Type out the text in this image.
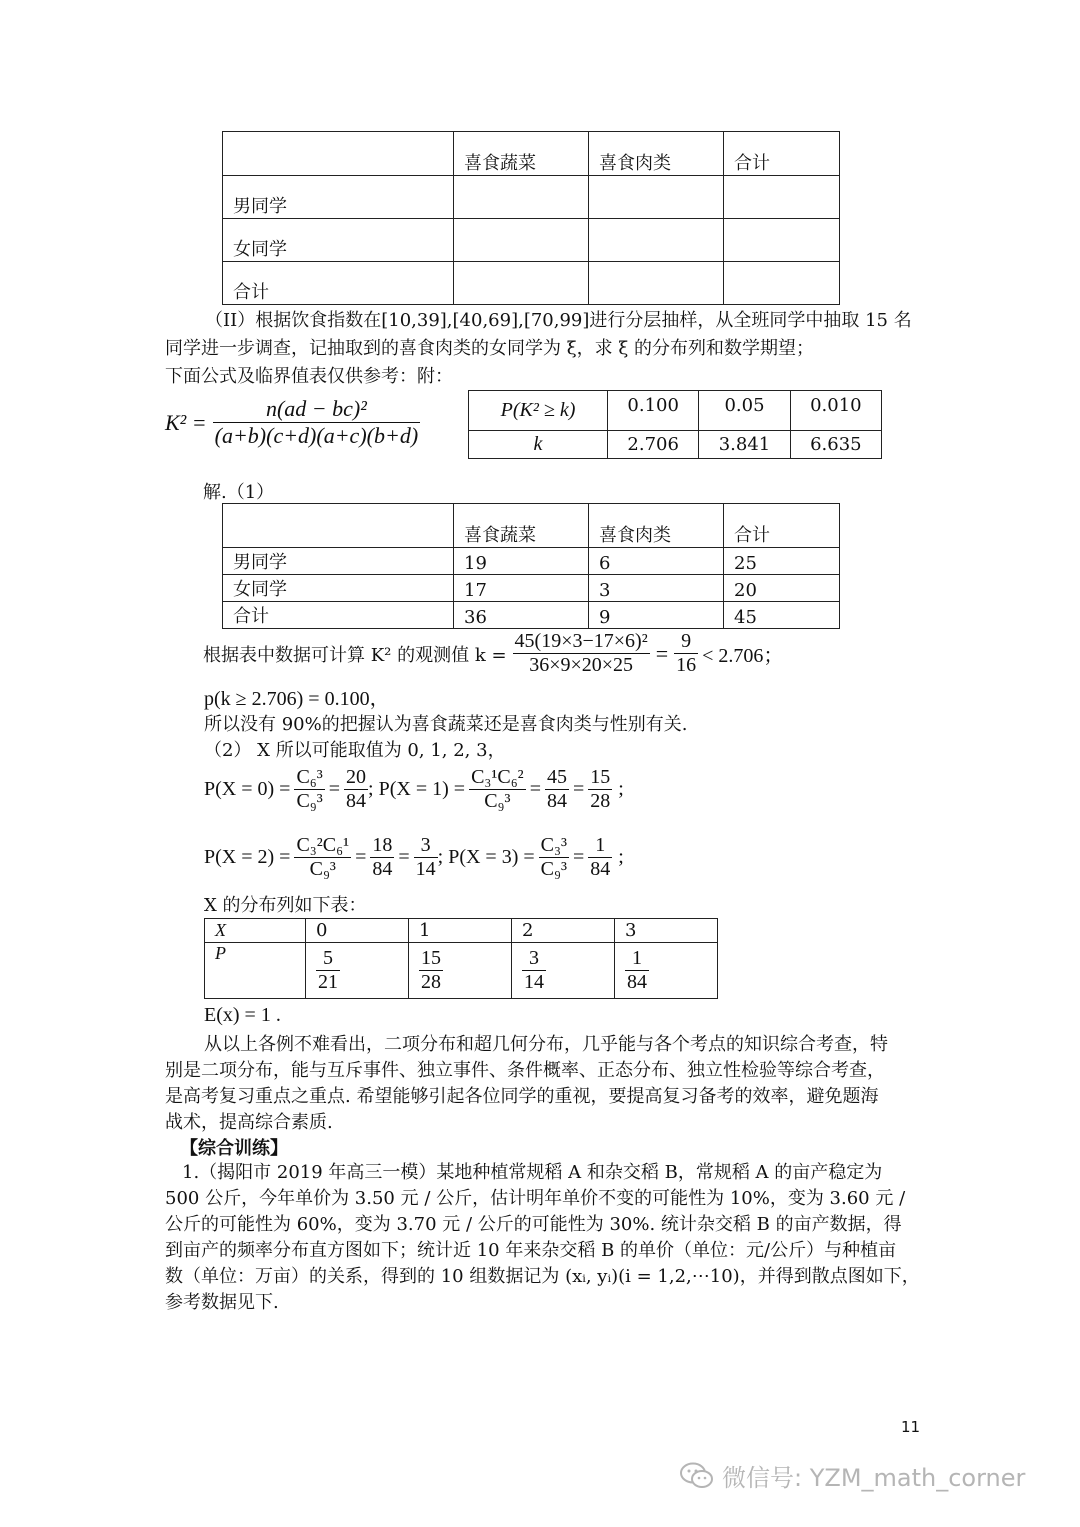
	喜食蔬菜	喜食肉类	合计
男同学			
女同学			
合计			
（II）根据饮食指数在[10,39],[40,69],[70,99]进行分层抽样，从全班同学中抽取 15 名
同学进一步调查，记抽取到的喜食肉类的女同学为 ξ，求 ξ 的分布列和数学期望；
下面公式及临界值表仅供参考：附：
$K^2 = \frac{\text{n(ad − bc)²}}{(a+b)(c+d)(a+c)(b+d)}$	P(K² ≥ k)	0.100	0.05	0.010
k	2.706	3.841	6.635
解.（1）
	喜食蔬菜	喜食肉类	合计
男同学	19	6	25
女同学	17	3	20
合计	36	9	45
根据表中数据可计算 K² 的观测值 $k = \frac{\text{45(19×3−17×6)²}}{36\times 9\times 20\times 25} = \frac{9}{16} < 2.706$；
p(k ≥ 2.706) = 0.100，
所以没有 90%的把握认为喜食蔬菜还是喜食肉类与性别有关.
（2） X 所以可能取值为 0, 1, 2, 3，
$P(X = 0) = \frac{\text{C₆³}}{\text{C₉³}} = \frac{20}{84}$ ; $P(X = 1) = \frac{\text{C₃¹C₆²}}{\text{C₉³}} = \frac{45}{84} = \frac{15}{28}$ ;
$P(X = 2) = \frac{\text{C₃²C₆¹}}{\text{C₉³}} = \frac{18}{84} = \frac{3}{14}$ ; $P(X = 3) = \frac{\text{C₃³}}{\text{C₉³}} = \frac{1}{84}$ ;
X 的分布列如下表：
X	0	1	2	3
P	$\frac{5}{21}$	$\frac{15}{28}$	$\frac{3}{14}$	$\frac{1}{84}$
E(x) = 1 .
从以上各例不难看出，二项分布和超几何分布，几乎能与各个考点的知识综合考查，特
别是二项分布，能与互斥事件、独立事件、条件概率、正态分布、独立性检验等综合考查，
是高考复习重点之重点. 希望能够引起各位同学的重视，要提高复习备考的效率，避免题海
战术，提高综合素质.
【综合训练】
1.（揭阳市 2019 年高三一模）某地种植常规稻 A 和杂交稻 B，常规稻 A 的亩产稳定为
500 公斤，今年单价为 3.50 元 / 公斤，估计明年单价不变的可能性为 10%，变为 3.60 元 /
公斤的可能性为 60%，变为 3.70 元 / 公斤的可能性为 30%. 统计杂交稻 B 的亩产数据，得
到亩产的频率分布直方图如下；统计近 10 年来杂交稻 B 的单价（单位：元/公斤）与种植亩
数（单位：万亩）的关系，得到的 10 组数据记为 (xᵢ, yᵢ)(i = 1,2,⋯10)，并得到散点图如下，
参考数据见下.
11
微信号: YZM_math_corner
